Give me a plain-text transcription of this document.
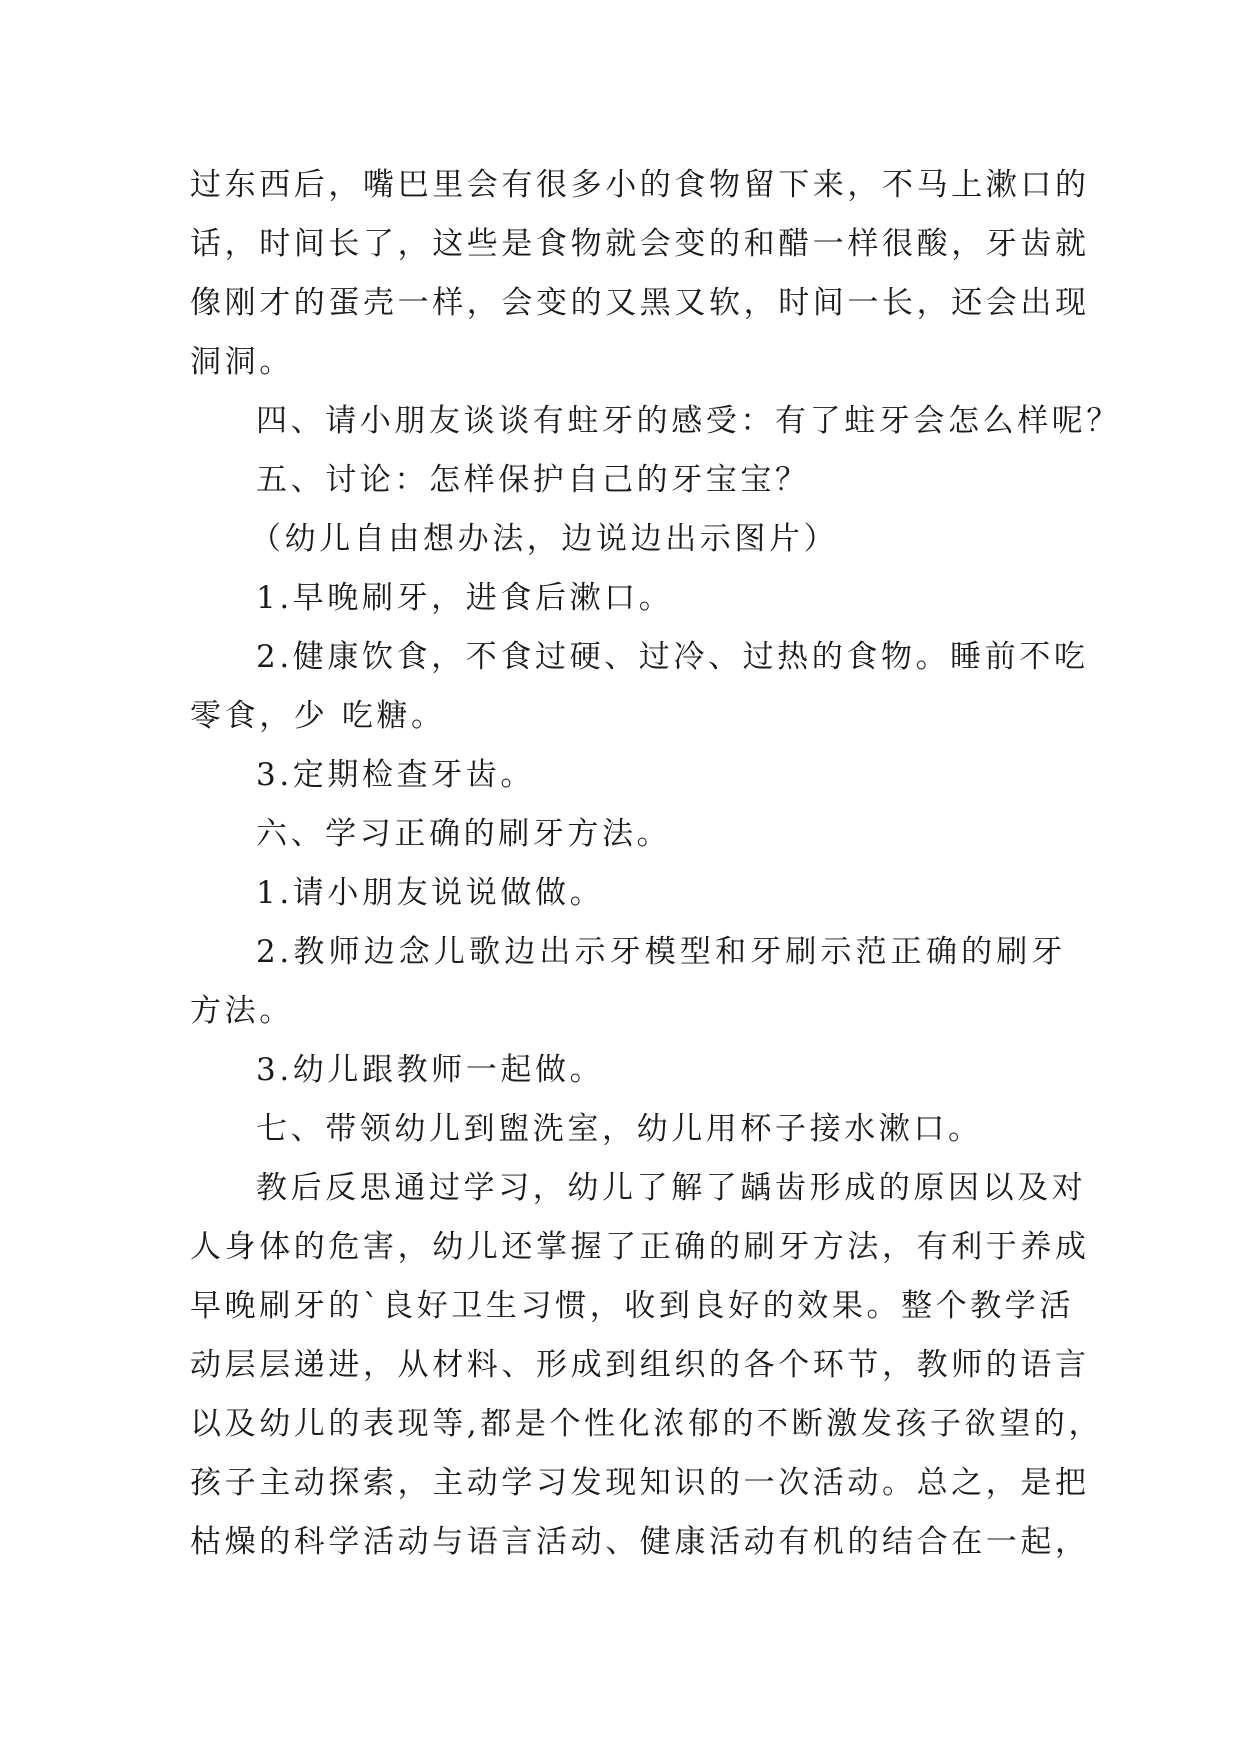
过东西后，嘴巴里会有很多小的食物留下来，不马上漱口的
话，时间长了，这些是食物就会变的和醋一样很酸，牙齿就
像刚才的蛋壳一样，会变的又黑又软，时间一长，还会出现
洞洞。
四、请小朋友谈谈有蛀牙的感受：有了蛀牙会怎么样呢？
五、讨论：怎样保护自己的牙宝宝？
（幼儿自由想办法，边说边出示图片）
1.早晚刷牙，进食后漱口。
2.健康饮食，不食过硬、过冷、过热的食物。睡前不吃
零食，少 吃糖。
3.定期检查牙齿。
六、学习正确的刷牙方法。
1.请小朋友说说做做。
2.教师边念儿歌边出示牙模型和牙刷示范正确的刷牙
方法。
3.幼儿跟教师一起做。
七、带领幼儿到盥洗室，幼儿用杯子接水漱口。
教后反思通过学习，幼儿了解了龋齿形成的原因以及对
人身体的危害，幼儿还掌握了正确的刷牙方法，有利于养成
早晚刷牙的`良好卫生习惯，收到良好的效果。整个教学活
动层层递进，从材料、形成到组织的各个环节，教师的语言
以及幼儿的表现等,都是个性化浓郁的不断激发孩子欲望的，
孩子主动探索，主动学习发现知识的一次活动。总之，是把
枯燥的科学活动与语言活动、健康活动有机的结合在一起，
